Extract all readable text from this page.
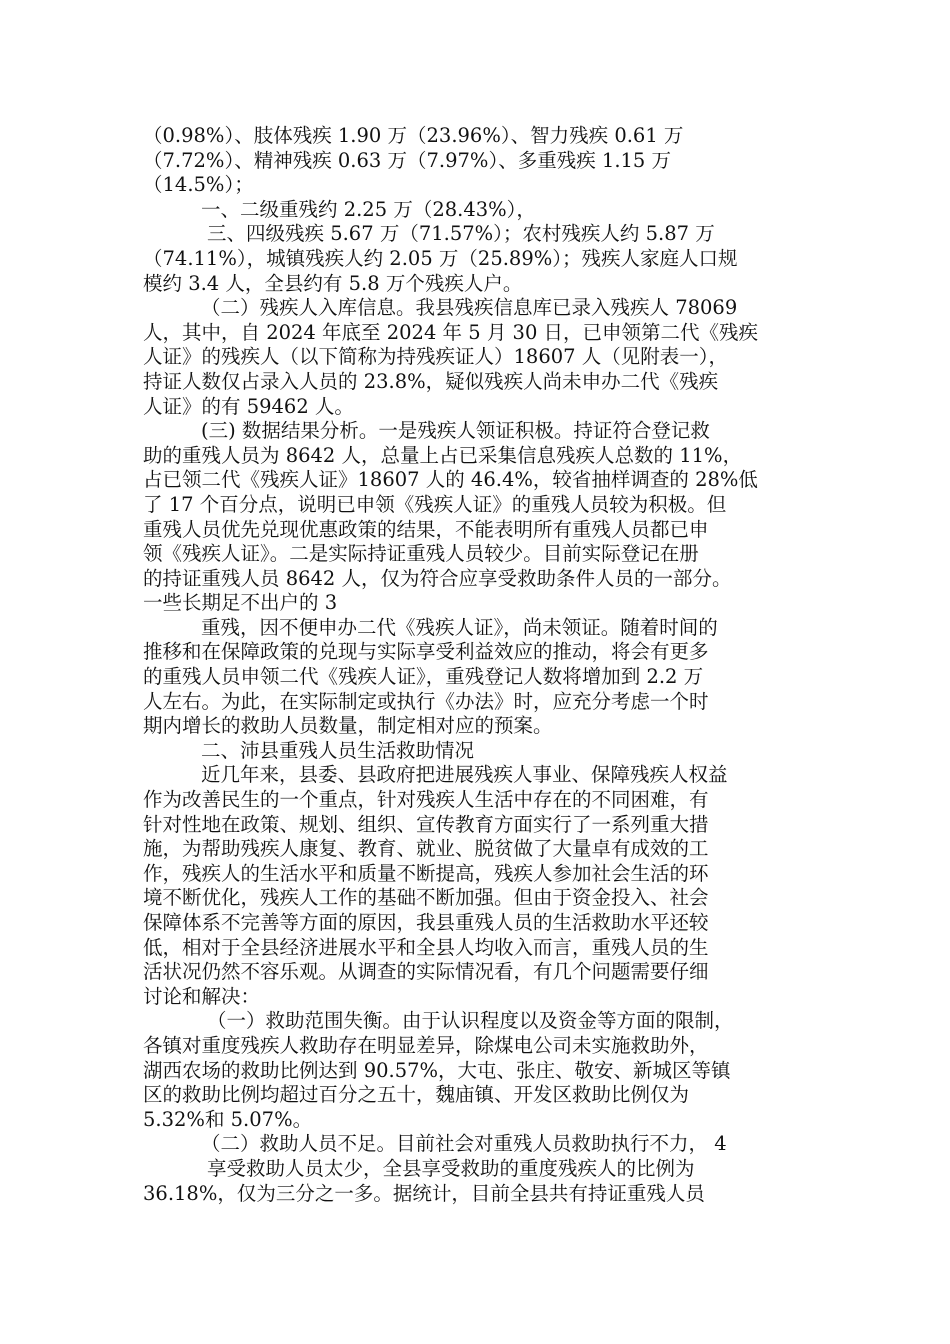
（0.98%）、肢体残疾 1.90 万（23.96%）、智力残疾 0.61 万
（7.72%）、精神残疾 0.63 万（7.97%）、多重残疾 1.15 万
（14.5%）；
一、二级重残约 2.25 万（28.43%），
三、四级残疾 5.67 万（71.57%）；农村残疾人约 5.87 万
（74.11%），城镇残疾人约 2.05 万（25.89%）；残疾人家庭人口规
模约 3.4 人，全县约有 5.8 万个残疾人户。
（二）残疾人入库信息。我县残疾信息库已录入残疾人 78069
人，其中，自 2024 年底至 2024 年 5 月 30 日，已申领第二代《残疾
人证》的残疾人（以下简称为持残疾证人）18607 人（见附表一），
持证人数仅占录入人员的 23.8%，疑似残疾人尚未申办二代《残疾
人证》的有 59462 人。
(三) 数据结果分析。一是残疾人领证积极。持证符合登记救
助的重残人员为 8642 人，总量上占已采集信息残疾人总数的 11%，
占已领二代《残疾人证》18607 人的 46.4%，较省抽样调查的 28%低
了 17 个百分点，说明已申领《残疾人证》的重残人员较为积极。但
重残人员优先兑现优惠政策的结果，不能表明所有重残人员都已申
领《残疾人证》。二是实际持证重残人员较少。目前实际登记在册
的持证重残人员 8642 人，仅为符合应享受救助条件人员的一部分。
一些长期足不出户的 3
重残，因不便申办二代《残疾人证》，尚未领证。随着时间的
推移和在保障政策的兑现与实际享受利益效应的推动，将会有更多
的重残人员申领二代《残疾人证》，重残登记人数将增加到 2.2 万
人左右。为此，在实际制定或执行《办法》时，应充分考虑一个时
期内增长的救助人员数量，制定相对应的预案。
二、沛县重残人员生活救助情况
近几年来，县委、县政府把进展残疾人事业、保障残疾人权益
作为改善民生的一个重点，针对残疾人生活中存在的不同困难，有
针对性地在政策、规划、组织、宣传教育方面实行了一系列重大措
施，为帮助残疾人康复、教育、就业、脱贫做了大量卓有成效的工
作，残疾人的生活水平和质量不断提高，残疾人参加社会生活的环
境不断优化，残疾人工作的基础不断加强。但由于资金投入、社会
保障体系不完善等方面的原因，我县重残人员的生活救助水平还较
低，相对于全县经济进展水平和全县人均收入而言，重残人员的生
活状况仍然不容乐观。从调查的实际情况看，有几个问题需要仔细
讨论和解决：
（一）救助范围失衡。由于认识程度以及资金等方面的限制，
各镇对重度残疾人救助存在明显差异，除煤电公司未实施救助外，
湖西农场的救助比例达到 90.57%，大屯、张庄、敬安、新城区等镇
区的救助比例均超过百分之五十，魏庙镇、开发区救助比例仅为
5.32%和 5.07%。
（二）救助人员不足。目前社会对重残人员救助执行不力， 4
享受救助人员太少，全县享受救助的重度残疾人的比例为
36.18%，仅为三分之一多。据统计，目前全县共有持证重残人员
